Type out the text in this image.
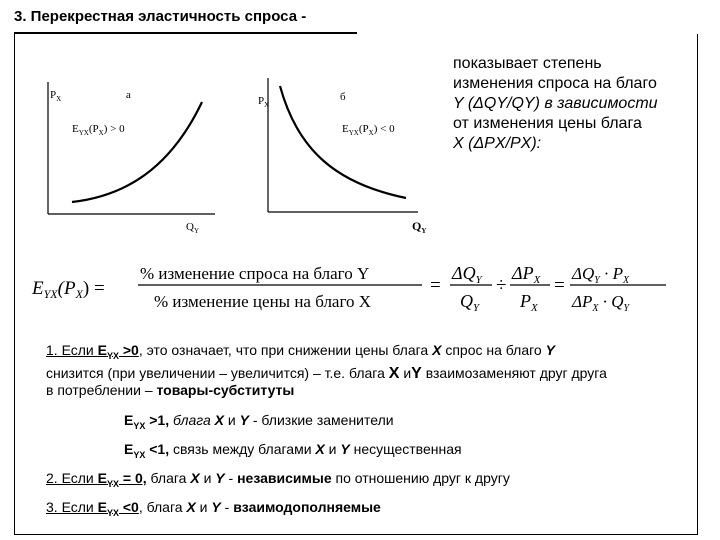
3. Перекрестная эластичность спроса -
показывает степень
изменения спроса на благо
Y (ΔQY/QY) в зависимости
от изменения цены блага
X (ΔPX/PX):
$P_X$	а
$E_{YX}(P_X) > 0$
$Q_Y$
$P_X$
б
$E_{YX}(P_X) < 0$
$Q_Y$
$E_{YX}(P_X)$ =
% изменение спроса на благо Y
% изменение цены на благо X
=
$\Delta Q_Y$
$Q_Y$
÷
$\Delta P_X$
$P_X$
=
$\Delta Q_Y \cdot P_X$
$\Delta P_X \cdot Q_Y$
1. Если $E_{YX} >0$, это означает, что при снижении цены блага X спрос на благо Y
снизится (при увеличении – увеличится) – т.е. блага X иY взаимозаменяют друг друга
в потреблении – товары-субституты
$E_{YX} >1$, блага X и Y - близкие заменители
$E_{YX} <1$, связь между благами X и Y несущественная
2. Если $E_{YX} = 0$, блага X и Y - независимые по отношению друг к другу
3. Если $E_{YX} <0$, блага X и Y - взаимодополняемые
